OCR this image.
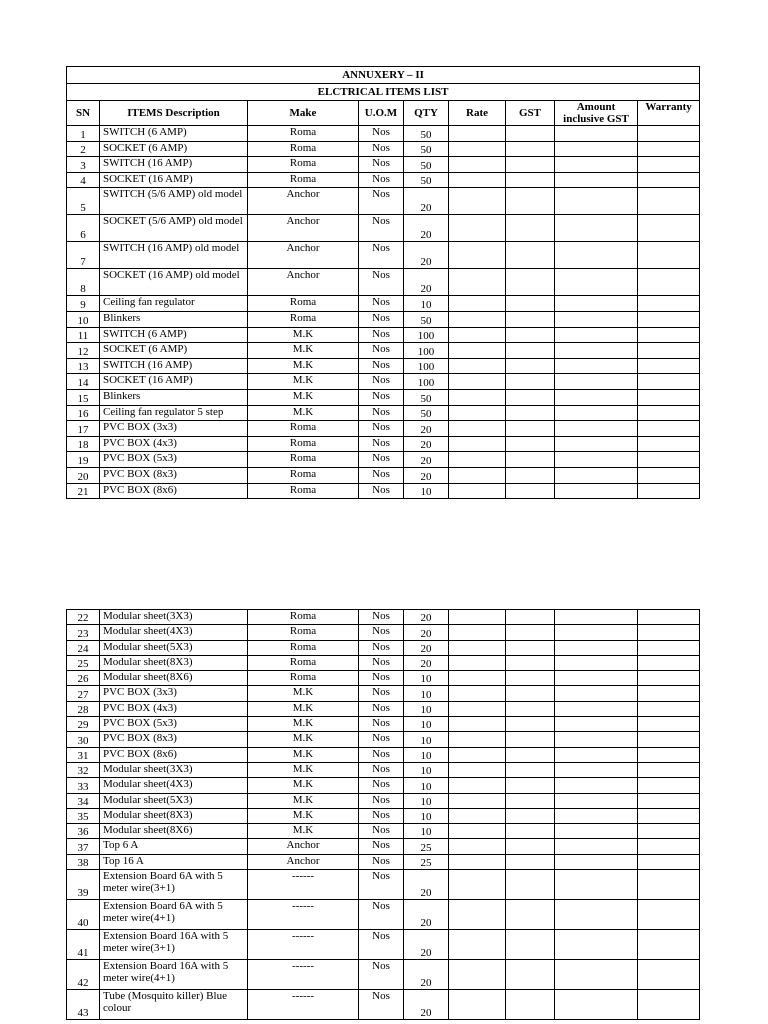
ANNUXERY – II								
ELCTRICAL ITEMS LIST								
SN	ITEMS Description	Make	U.O.M	QTY	Rate	GST	Amount inclusive GST	Warranty
1	SWITCH (6 AMP)	Roma	Nos	50				
2	SOCKET (6 AMP)	Roma	Nos	50				
3	SWITCH (16 AMP)	Roma	Nos	50				
4	SOCKET (16 AMP)	Roma	Nos	50				
5	SWITCH (5/6 AMP) old model	Anchor	Nos	20				
6	SOCKET (5/6 AMP) old model	Anchor	Nos	20				
7	SWITCH (16 AMP) old model	Anchor	Nos	20				
8	SOCKET (16 AMP) old model	Anchor	Nos	20				
9	Ceiling fan regulator	Roma	Nos	10				
10	Blinkers	Roma	Nos	50				
11	SWITCH (6 AMP)	M.K	Nos	100				
12	SOCKET (6 AMP)	M.K	Nos	100				
13	SWITCH (16 AMP)	M.K	Nos	100				
14	SOCKET (16 AMP)	M.K	Nos	100				
15	Blinkers	M.K	Nos	50				
16	Ceiling fan regulator 5 step	M.K	Nos	50				
17	PVC BOX (3x3)	Roma	Nos	20				
18	PVC BOX (4x3)	Roma	Nos	20				
19	PVC BOX (5x3)	Roma	Nos	20				
20	PVC BOX (8x3)	Roma	Nos	20				
21	PVC BOX (8x6)	Roma	Nos	10				
22	Modular sheet(3X3)	Roma	Nos	20				
23	Modular sheet(4X3)	Roma	Nos	20				
24	Modular sheet(5X3)	Roma	Nos	20				
25	Modular sheet(8X3)	Roma	Nos	20				
26	Modular sheet(8X6)	Roma	Nos	10				
27	PVC BOX (3x3)	M.K	Nos	10				
28	PVC BOX (4x3)	M.K	Nos	10				
29	PVC BOX (5x3)	M.K	Nos	10				
30	PVC BOX (8x3)	M.K	Nos	10				
31	PVC BOX (8x6)	M.K	Nos	10				
32	Modular sheet(3X3)	M.K	Nos	10				
33	Modular sheet(4X3)	M.K	Nos	10				
34	Modular sheet(5X3)	M.K	Nos	10				
35	Modular sheet(8X3)	M.K	Nos	10				
36	Modular sheet(8X6)	M.K	Nos	10				
37	Top 6 A	Anchor	Nos	25				
38	Top 16 A	Anchor	Nos	25				
39	Extension Board 6A with 5 meter wire(3+1)	------	Nos	20				
40	Extension Board 6A with 5 meter wire(4+1)	------	Nos	20				
41	Extension Board 16A with 5 meter wire(3+1)	------	Nos	20				
42	Extension Board 16A with 5 meter wire(4+1)	------	Nos	20				
43	Tube (Mosquito killer) Blue colour	------	Nos	20				
